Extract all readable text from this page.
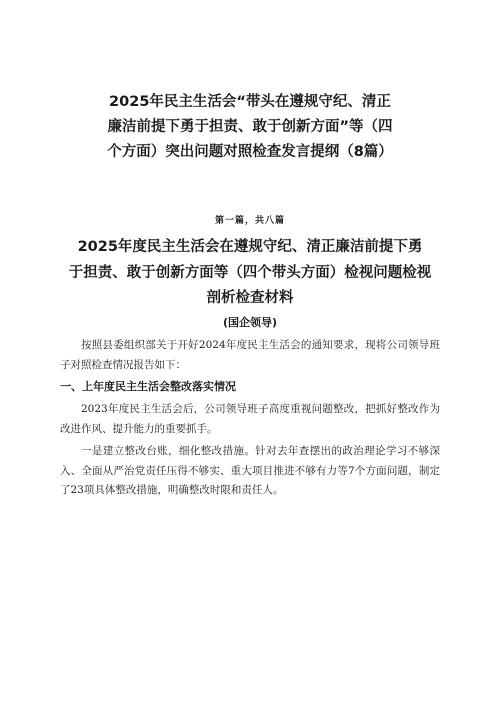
2025年民主生活会“带头在遵规守纪、清正
廉洁前提下勇于担责、敢于创新方面”等（四
个方面）突出问题对照检查发言提纲（8篇）
第一篇，共八篇
2025年度民主生活会在遵规守纪、清正廉洁前提下勇
于担责、敢于创新方面等（四个带头方面）检视问题检视
剖析检查材料
(国企领导)

按照县委组织部关于开好2024年度民主生活会的通知要求，现将公司领导班子对照检查情况报告如下：

一、上年度民主生活会整改落实情况

2023年度民主生活会后，公司领导班子高度重视问题整改，把抓好整改作为改进作风、提升能力的重要抓手。

一是建立整改台账，细化整改措施。针对去年查摆出的政治理论学习不够深入、全面从严治党责任压得不够实、重大项目推进不够有力等7个方面问题，制定了23项具体整改措施，明确整改时限和责任人。
